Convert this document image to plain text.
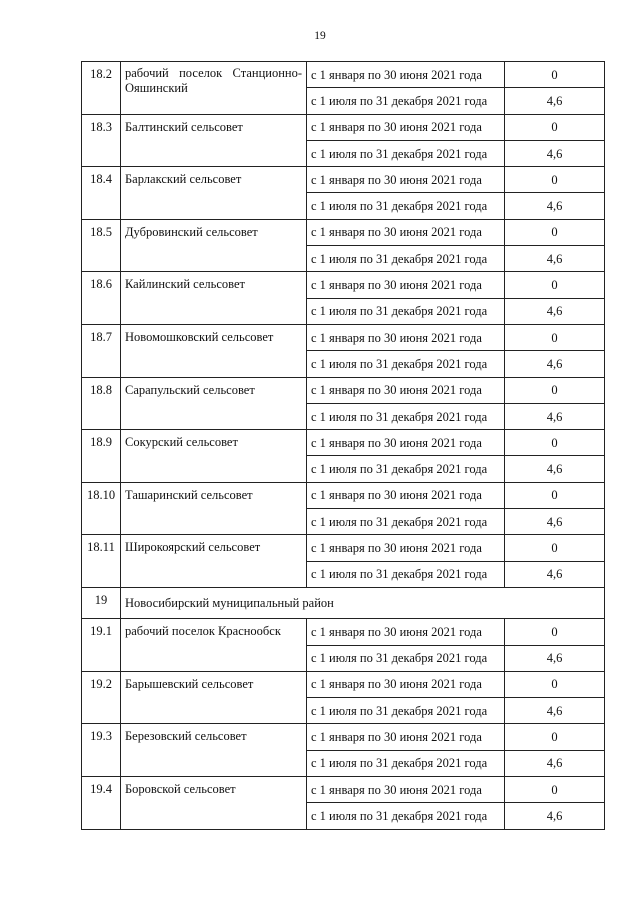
19
18.2	рабочий поселок Станционно-Ояшинский	с 1 января по 30 июня 2021 года	0
		с 1 июля по 31 декабря 2021 года	4,6
18.3	Балтинский сельсовет	с 1 января по 30 июня 2021 года	0
		с 1 июля по 31 декабря 2021 года	4,6
18.4	Барлакский сельсовет	с 1 января по 30 июня 2021 года	0
		с 1 июля по 31 декабря 2021 года	4,6
18.5	Дубровинский сельсовет	с 1 января по 30 июня 2021 года	0
		с 1 июля по 31 декабря 2021 года	4,6
18.6	Кайлинский сельсовет	с 1 января по 30 июня 2021 года	0
		с 1 июля по 31 декабря 2021 года	4,6
18.7	Новомошковский сельсовет	с 1 января по 30 июня 2021 года	0
		с 1 июля по 31 декабря 2021 года	4,6
18.8	Сарапульский сельсовет	с 1 января по 30 июня 2021 года	0
		с 1 июля по 31 декабря 2021 года	4,6
18.9	Сокурский сельсовет	с 1 января по 30 июня 2021 года	0
		с 1 июля по 31 декабря 2021 года	4,6
18.10	Ташаринский сельсовет	с 1 января по 30 июня 2021 года	0
		с 1 июля по 31 декабря 2021 года	4,6
18.11	Широкоярский сельсовет	с 1 января по 30 июня 2021 года	0
		с 1 июля по 31 декабря 2021 года	4,6
19	Новосибирский муниципальный район		
19.1	рабочий поселок Краснообск	с 1 января по 30 июня 2021 года	0
		с 1 июля по 31 декабря 2021 года	4,6
19.2	Барышевский сельсовет	с 1 января по 30 июня 2021 года	0
		с 1 июля по 31 декабря 2021 года	4,6
19.3	Березовский сельсовет	с 1 января по 30 июня 2021 года	0
		с 1 июля по 31 декабря 2021 года	4,6
19.4	Боровской сельсовет	с 1 января по 30 июня 2021 года	0
		с 1 июля по 31 декабря 2021 года	4,6
